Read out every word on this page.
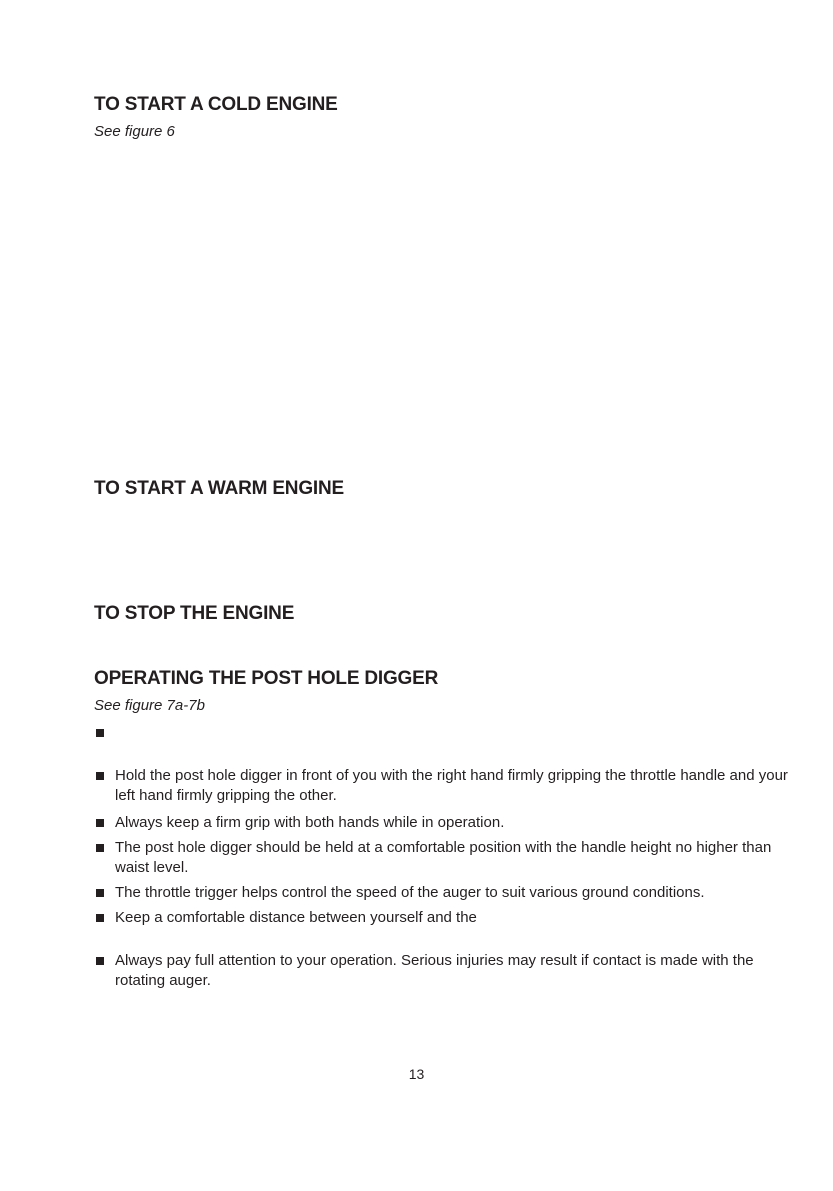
TO START A COLD ENGINE

See figure 6

TO START A WARM ENGINE
TO STOP THE ENGINE
OPERATING THE POST HOLE DIGGER

See figure 7a-7b

Hold the post hole digger in front of you with the right hand firmly gripping the throttle handle and your left hand firmly gripping the other.
Always keep a firm grip with both hands while in operation.
The post hole digger should be held at a comfortable position with the handle height no higher than waist level.
The throttle trigger helps control the speed of the auger to suit various ground conditions.
Keep a comfortable distance between yourself and the
Always pay full attention to your operation. Serious injuries may result if contact is made with the rotating auger.

13
